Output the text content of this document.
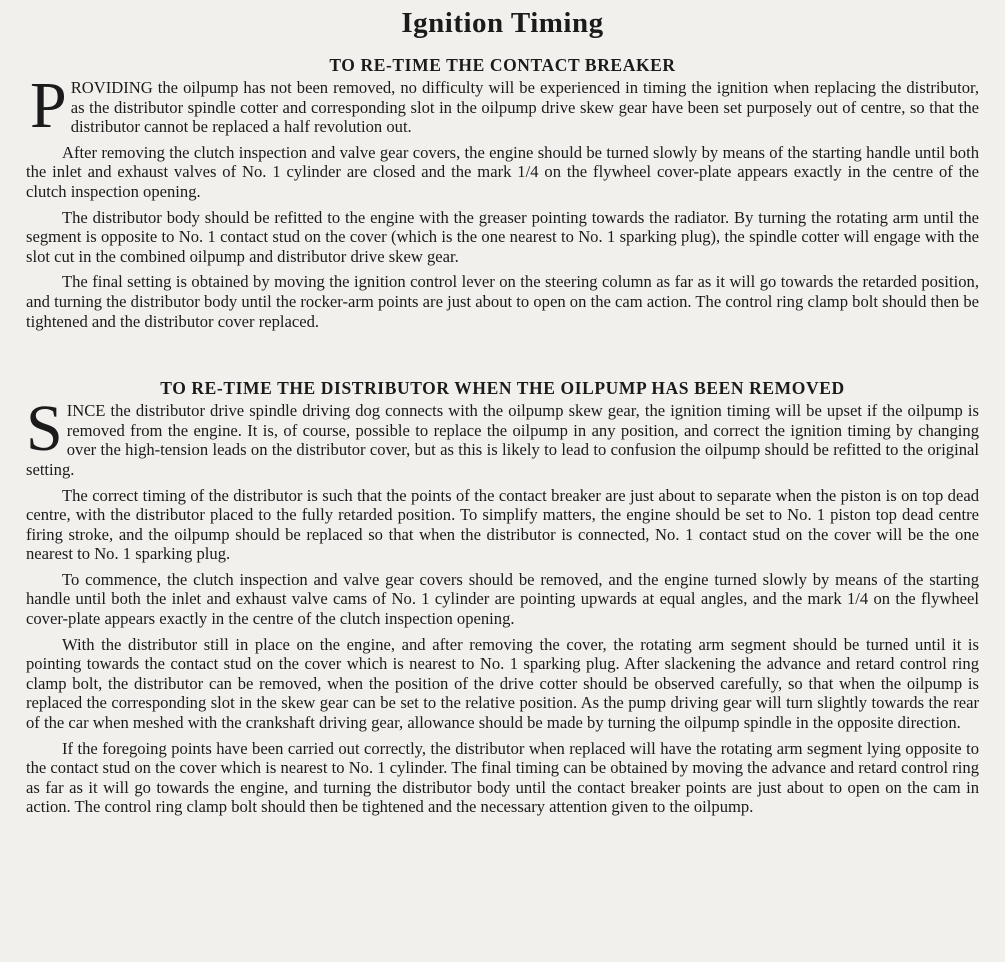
Ignition Timing
TO RE-TIME THE CONTACT BREAKER

PROVIDING the oilpump has not been removed, no difficulty will be experienced in timing the ignition when replacing the distributor, as the distributor spindle cotter and corresponding slot in the oilpump drive skew gear have been set purposely out of centre, so that the distributor cannot be replaced a half revolution out.

After removing the clutch inspection and valve gear covers, the engine should be turned slowly by means of the starting handle until both the inlet and exhaust valves of No. 1 cylinder are closed and the mark 1/4 on the flywheel cover-plate appears exactly in the centre of the clutch inspection opening.

The distributor body should be refitted to the engine with the greaser pointing towards the radiator. By turning the rotating arm until the segment is opposite to No. 1 contact stud on the cover (which is the one nearest to No. 1 sparking plug), the spindle cotter will engage with the slot cut in the combined oilpump and distributor drive skew gear.

The final setting is obtained by moving the ignition control lever on the steering column as far as it will go towards the retarded position, and turning the distributor body until the rocker-arm points are just about to open on the cam action. The control ring clamp bolt should then be tightened and the distributor cover replaced.

TO RE-TIME THE DISTRIBUTOR WHEN THE OILPUMP HAS BEEN REMOVED

SINCE the distributor drive spindle driving dog connects with the oilpump skew gear, the ignition timing will be upset if the oilpump is removed from the engine. It is, of course, possible to replace the oilpump in any position, and correct the ignition timing by changing over the high-tension leads on the distributor cover, but as this is likely to lead to confusion the oilpump should be refitted to the original setting.

The correct timing of the distributor is such that the points of the contact breaker are just about to separate when the piston is on top dead centre, with the distributor placed to the fully retarded position. To simplify matters, the engine should be set to No. 1 piston top dead centre firing stroke, and the oilpump should be replaced so that when the distributor is connected, No. 1 contact stud on the cover will be the one nearest to No. 1 sparking plug.

To commence, the clutch inspection and valve gear covers should be removed, and the engine turned slowly by means of the starting handle until both the inlet and exhaust valve cams of No. 1 cylinder are pointing upwards at equal angles, and the mark 1/4 on the flywheel cover-plate appears exactly in the centre of the clutch inspection opening.

With the distributor still in place on the engine, and after removing the cover, the rotating arm segment should be turned until it is pointing towards the contact stud on the cover which is nearest to No. 1 sparking plug. After slackening the advance and retard control ring clamp bolt, the distributor can be removed, when the position of the drive cotter should be observed carefully, so that when the oilpump is replaced the corresponding slot in the skew gear can be set to the relative position. As the pump driving gear will turn slightly towards the rear of the car when meshed with the crankshaft driving gear, allowance should be made by turning the oilpump spindle in the opposite direction.

If the foregoing points have been carried out correctly, the distributor when replaced will have the rotating arm segment lying opposite to the contact stud on the cover which is nearest to No. 1 cylinder. The final timing can be obtained by moving the advance and retard control ring as far as it will go towards the engine, and turning the distributor body until the contact breaker points are just about to open on the cam in action. The control ring clamp bolt should then be tightened and the necessary attention given to the oilpump.
